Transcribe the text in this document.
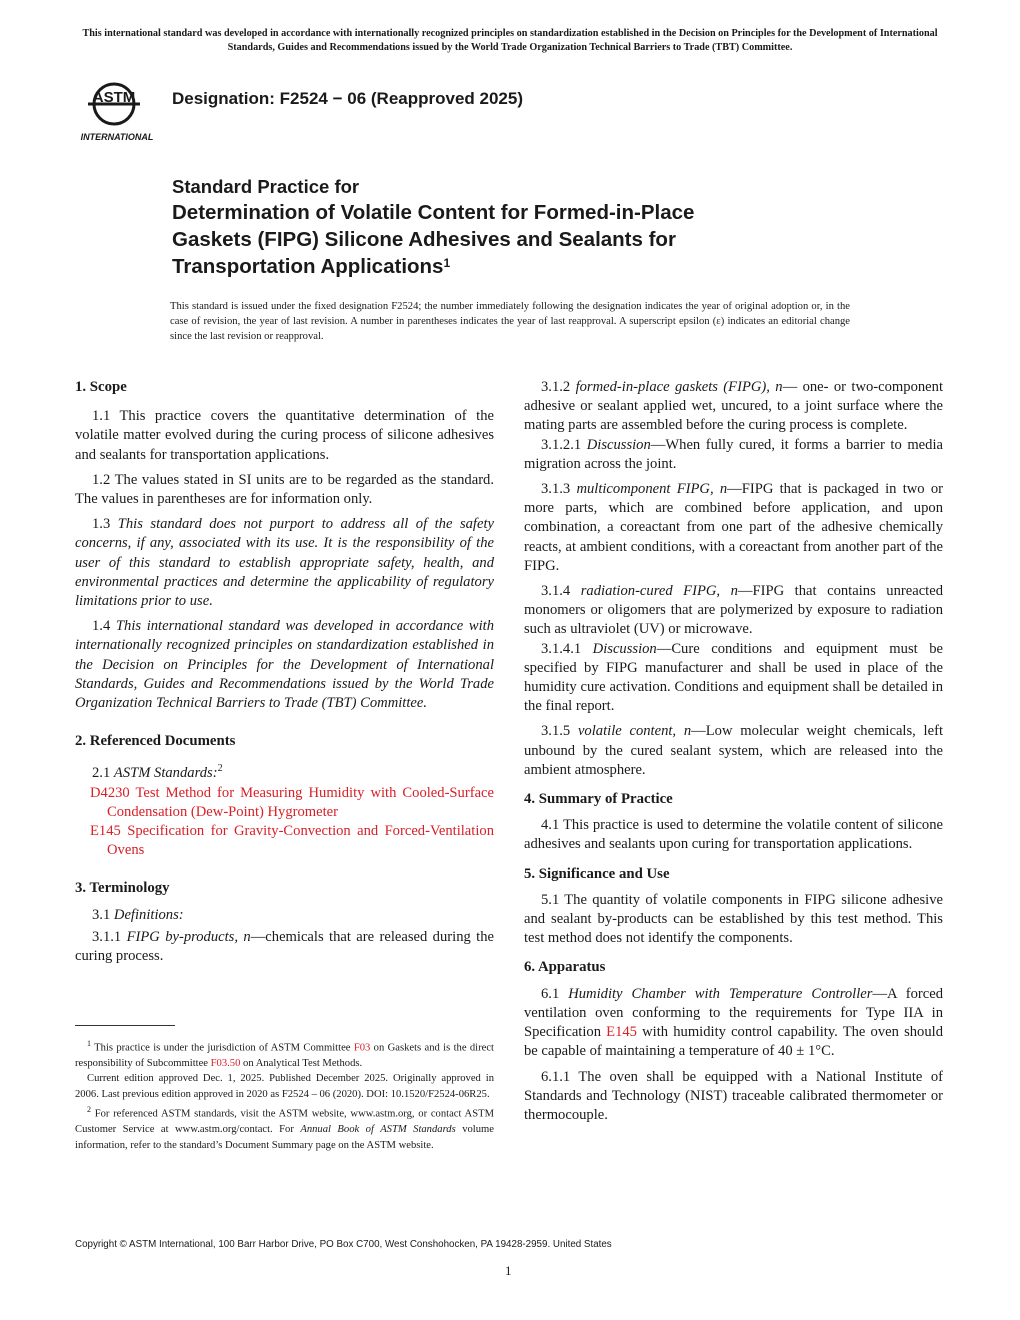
This international standard was developed in accordance with internationally recognized principles on standardization established in the Decision on Principles for the Development of International Standards, Guides and Recommendations issued by the World Trade Organization Technical Barriers to Trade (TBT) Committee.
ASTM
INTERNATIONAL
Designation: F2524 − 06 (Reapproved 2025)
Standard Practice for
Determination of Volatile Content for Formed-in-Place
Gaskets (FIPG) Silicone Adhesives and Sealants for
Transportation Applications$^1$
This standard is issued under the fixed designation F2524; the number immediately following the designation indicates the year of original adoption or, in the case of revision, the year of last revision. A number in parentheses indicates the year of last reapproval. A superscript epsilon (ε) indicates an editorial change since the last revision or reapproval.
1. Scope

1.1 This practice covers the quantitative determination of the volatile matter evolved during the curing process of silicone adhesives and sealants for transportation applications.

1.2 The values stated in SI units are to be regarded as the standard. The values in parentheses are for information only.

1.3 This standard does not purport to address all of the safety concerns, if any, associated with its use. It is the responsibility of the user of this standard to establish appropriate safety, health, and environmental practices and determine the applicability of regulatory limitations prior to use.

1.4 This international standard was developed in accordance with internationally recognized principles on standardization established in the Decision on Principles for the Development of International Standards, Guides and Recommendations issued by the World Trade Organization Technical Barriers to Trade (TBT) Committee.

2. Referenced Documents

2.1 ASTM Standards:$^2$

D4230 Test Method for Measuring Humidity with Cooled-Surface Condensation (Dew-Point) Hygrometer

E145 Specification for Gravity-Convection and Forced-Ventilation Ovens

3. Terminology

3.1 Definitions:

3.1.1 FIPG by-products, n—chemicals that are released during the curing process.

$^1$ This practice is under the jurisdiction of ASTM Committee F03 on Gaskets and is the direct responsibility of Subcommittee F03.50 on Analytical Test Methods.

Current edition approved Dec. 1, 2025. Published December 2025. Originally approved in 2006. Last previous edition approved in 2020 as F2524 – 06 (2020). DOI: 10.1520/F2524-06R25.

$^2$ For referenced ASTM standards, visit the ASTM website, www.astm.org, or contact ASTM Customer Service at www.astm.org/contact. For Annual Book of ASTM Standards volume information, refer to the standard’s Document Summary page on the ASTM website.

3.1.2 formed-in-place gaskets (FIPG), n— one- or two-component adhesive or sealant applied wet, uncured, to a joint surface where the mating parts are assembled before the curing process is complete.

3.1.2.1 Discussion—When fully cured, it forms a barrier to media migration across the joint.

3.1.3 multicomponent FIPG, n—FIPG that is packaged in two or more parts, which are combined before application, and upon combination, a coreactant from one part of the adhesive chemically reacts, at ambient conditions, with a coreactant from another part of the FIPG.

3.1.4 radiation-cured FIPG, n—FIPG that contains unreacted monomers or oligomers that are polymerized by exposure to radiation such as ultraviolet (UV) or microwave.

3.1.4.1 Discussion—Cure conditions and equipment must be specified by FIPG manufacturer and shall be used in place of the humidity cure activation. Conditions and equipment shall be detailed in the final report.

3.1.5 volatile content, n—Low molecular weight chemicals, left unbound by the cured sealant system, which are released into the ambient atmosphere.

4. Summary of Practice

4.1 This practice is used to determine the volatile content of silicone adhesives and sealants upon curing for transportation applications.

5. Significance and Use

5.1 The quantity of volatile components in FIPG silicone adhesive and sealant by-products can be established by this test method. This test method does not identify the components.

6. Apparatus

6.1 Humidity Chamber with Temperature Controller—A forced ventilation oven conforming to the requirements for Type IIA in Specification E145 with humidity control capability. The oven should be capable of maintaining a temperature of 40 ± 1°C.

6.1.1 The oven shall be equipped with a National Institute of Standards and Technology (NIST) traceable calibrated thermometer or thermocouple.

Copyright © ASTM International, 100 Barr Harbor Drive, PO Box C700, West Conshohocken, PA 19428-2959. United States
1
